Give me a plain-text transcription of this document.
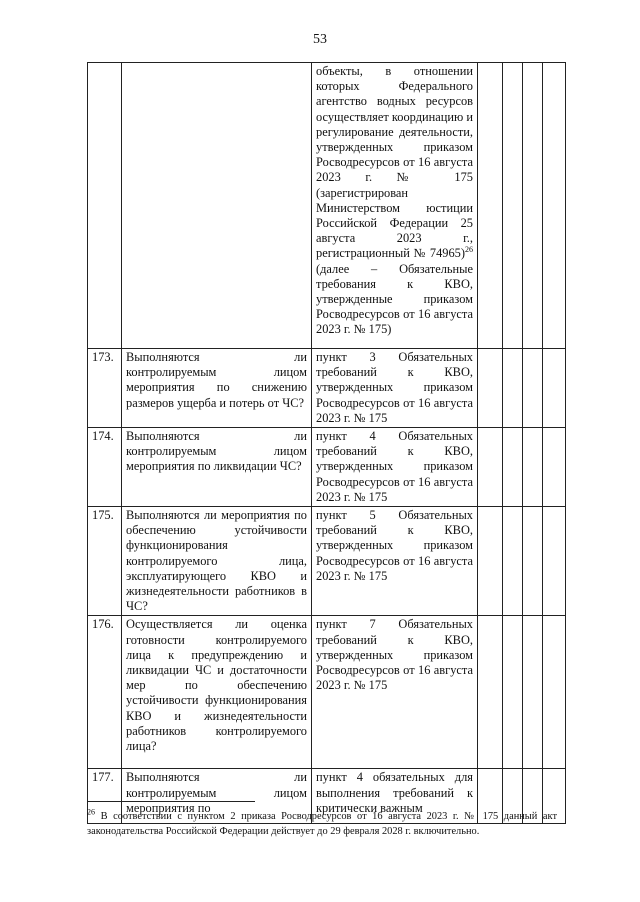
53
		объекты, в отношении которых Федерального агентство водных ресурсов осуществляет координацию и регулирование деятельности, утвержденных приказом Росводресурсов от 16 августа 2023 г. № 175 (зарегистрирован Министерством юстиции Российской Федерации 25 августа 2023 г., регистрационный № 74965)$^{26}$ (далее – Обязательные требования к КВО, утвержденные приказом Росводресурсов от 16 августа 2023 г. № 175)				
173.	Выполняются ли контролируемым лицом мероприятия по снижению размеров ущерба и потерь от ЧС?	пункт 3 Обязательных требований к КВО, утвержденных приказом Росводресурсов от 16 августа 2023 г. № 175				
174.	Выполняются ли контролируемым лицом мероприятия по ликвидации ЧС?	пункт 4 Обязательных требований к КВО, утвержденных приказом Росводресурсов от 16 августа 2023 г. № 175				
175.	Выполняются ли мероприятия по обеспечению устойчивости функционирования контролируемого лица, эксплуатирующего КВО и жизнедеятельности работников в ЧС?	пункт 5 Обязательных требований к КВО, утвержденных приказом Росводресурсов от 16 августа 2023 г. № 175				
176.	Осуществляется ли оценка готовности контролируемого лица к предупреждению и ликвидации ЧС и достаточности мер по обеспечению устойчивости функционирования КВО и жизнедеятельности работников контролируемого лица?	пункт 7 Обязательных требований к КВО, утвержденных приказом Росводресурсов от 16 августа 2023 г. № 175				
177.	Выполняются ли контролируемым лицом мероприятия по	пункт 4 обязательных для выполнения требований к критически важным				
$^{26}$ В соответствии с пунктом 2 приказа Росводресурсов от 16 августа 2023 г. № 175 данный акт законодательства Российской Федерации действует до 29 февраля 2028 г. включительно.
